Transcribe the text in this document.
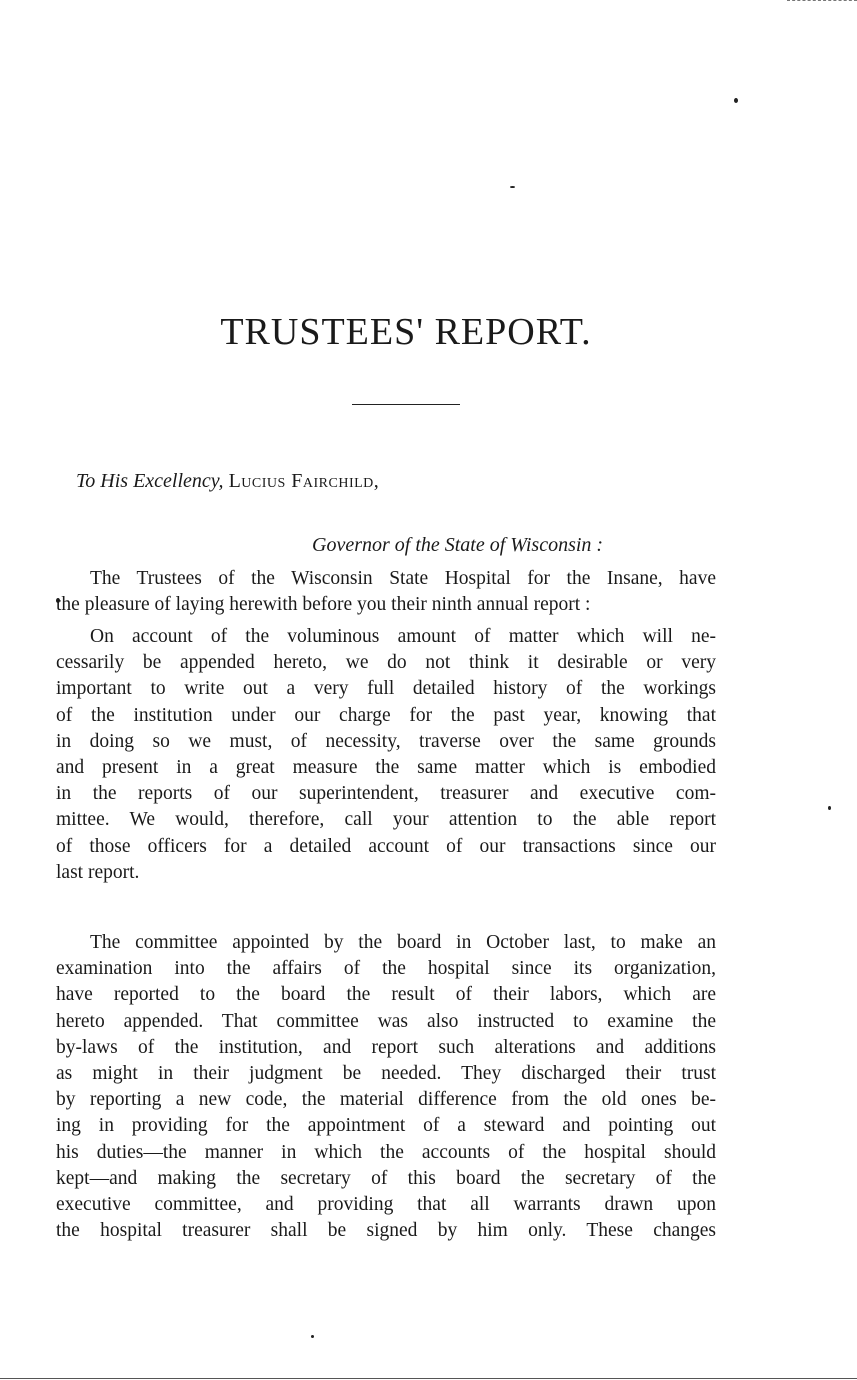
TRUSTEES' REPORT.
To His Excellency, Lucius Fairchild,
Governor of the State of Wisconsin :
The Trustees of the Wisconsin State Hospital for the Insane, have
the pleasure of laying herewith before you their ninth annual report :
On account of the voluminous amount of matter which will ne-
cessarily be appended hereto, we do not think it desirable or very
important to write out a very full detailed history of the workings
of the institution under our charge for the past year, knowing that
in doing so we must, of necessity, traverse over the same grounds
and present in a great measure the same matter which is embodied
in the reports of our superintendent, treasurer and executive com-
mittee. We would, therefore, call your attention to the able report
of those officers for a detailed account of our transactions since our
last report.
The committee appointed by the board in October last, to make an
examination into the affairs of the hospital since its organization,
have reported to the board the result of their labors, which are
hereto appended. That committee was also instructed to examine the
by-laws of the institution, and report such alterations and additions
as might in their judgment be needed. They discharged their trust
by reporting a new code, the material difference from the old ones be-
ing in providing for the appointment of a steward and pointing out
his duties—the manner in which the accounts of the hospital should
kept—and making the secretary of this board the secretary of the
executive committee, and providing that all warrants drawn upon
the hospital treasurer shall be signed by him only. These changes
